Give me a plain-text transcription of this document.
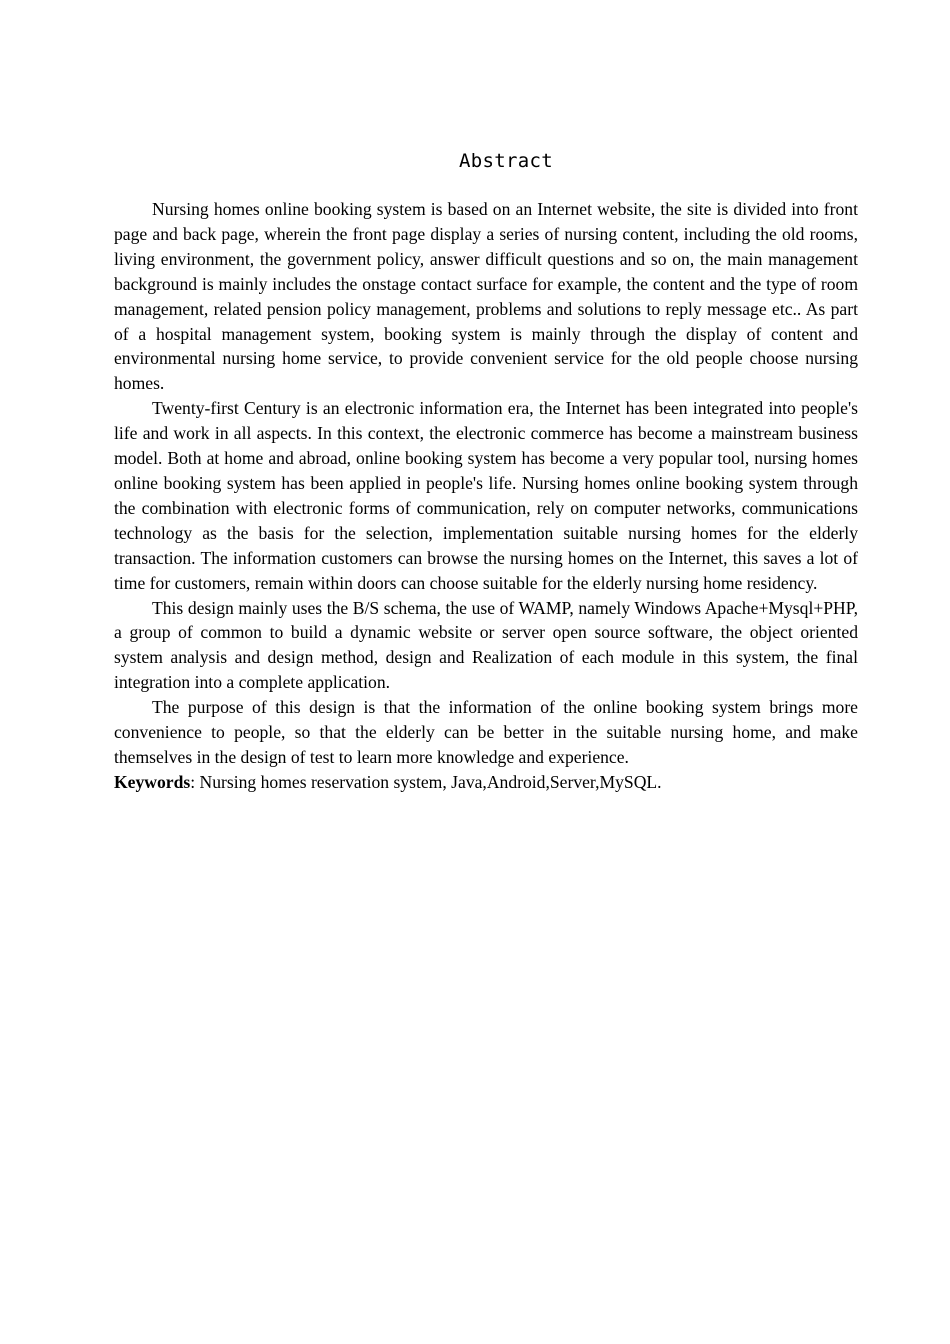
Abstract

Nursing homes online booking system is based on an Internet website, the site is divided into front page and back page, wherein the front page display a series of nursing content, including the old rooms, living environment, the government policy, answer difficult questions and so on, the main management background is mainly includes the onstage contact surface for example, the content and the type of room management, related pension policy management, problems and solutions to reply message etc.. As part of a hospital management system, booking system is mainly through the display of content and environmental nursing home service, to provide convenient service for the old people choose nursing homes.

Twenty-first Century is an electronic information era, the Internet has been integrated into people's life and work in all aspects. In this context, the electronic commerce has become a mainstream business model. Both at home and abroad, online booking system has become a very popular tool, nursing homes online booking system has been applied in people's life. Nursing homes online booking system through the combination with electronic forms of communication, rely on computer networks, communications technology as the basis for the selection, implementation suitable nursing homes for the elderly transaction. The information customers can browse the nursing homes on the Internet, this saves a lot of time for customers, remain within doors can choose suitable for the elderly nursing home residency.

This design mainly uses the B/S schema, the use of WAMP, namely Windows Apache+Mysql+PHP, a group of common to build a dynamic website or server open source software, the object oriented system analysis and design method, design and Realization of each module in this system, the final integration into a complete application.

The purpose of this design is that the information of the online booking system brings more convenience to people, so that the elderly can be better in the suitable nursing home, and make themselves in the design of test to learn more knowledge and experience.

Keywords: Nursing homes reservation system, Java,Android,Server,MySQL.
